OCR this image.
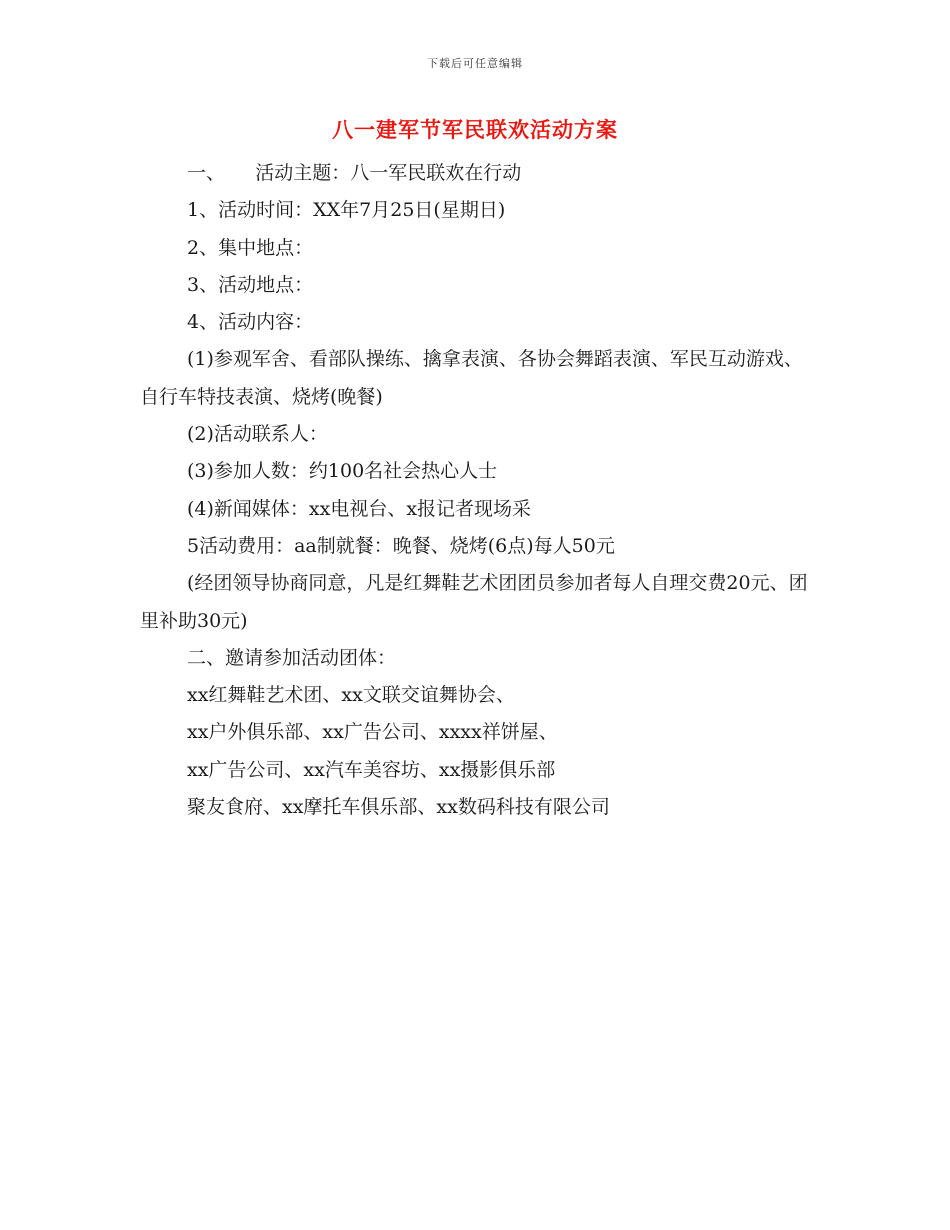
下载后可任意编辑
八一建军节军民联欢活动方案

一、     活动主题：八一军民联欢在行动

1、活动时间：XX年7月25日(星期日)

2、集中地点：

3、活动地点：

4、活动内容：

(1)参观军舍、看部队操练、擒拿表演、各协会舞蹈表演、军民互动游戏、自行车特技表演、烧烤(晚餐)

(2)活动联系人：

(3)参加人数：约100名社会热心人士

(4)新闻媒体：xx电视台、x报记者现场采

5活动费用：aa制就餐：晚餐、烧烤(6点)每人50元

(经团领导协商同意，凡是红舞鞋艺术团团员参加者每人自理交费20元、团里补助30元)

二、邀请参加活动团体：

xx红舞鞋艺术团、xx文联交谊舞协会、

xx户外俱乐部、xx广告公司、xxxx祥饼屋、

xx广告公司、xx汽车美容坊、xx摄影俱乐部

聚友食府、xx摩托车俱乐部、xx数码科技有限公司
